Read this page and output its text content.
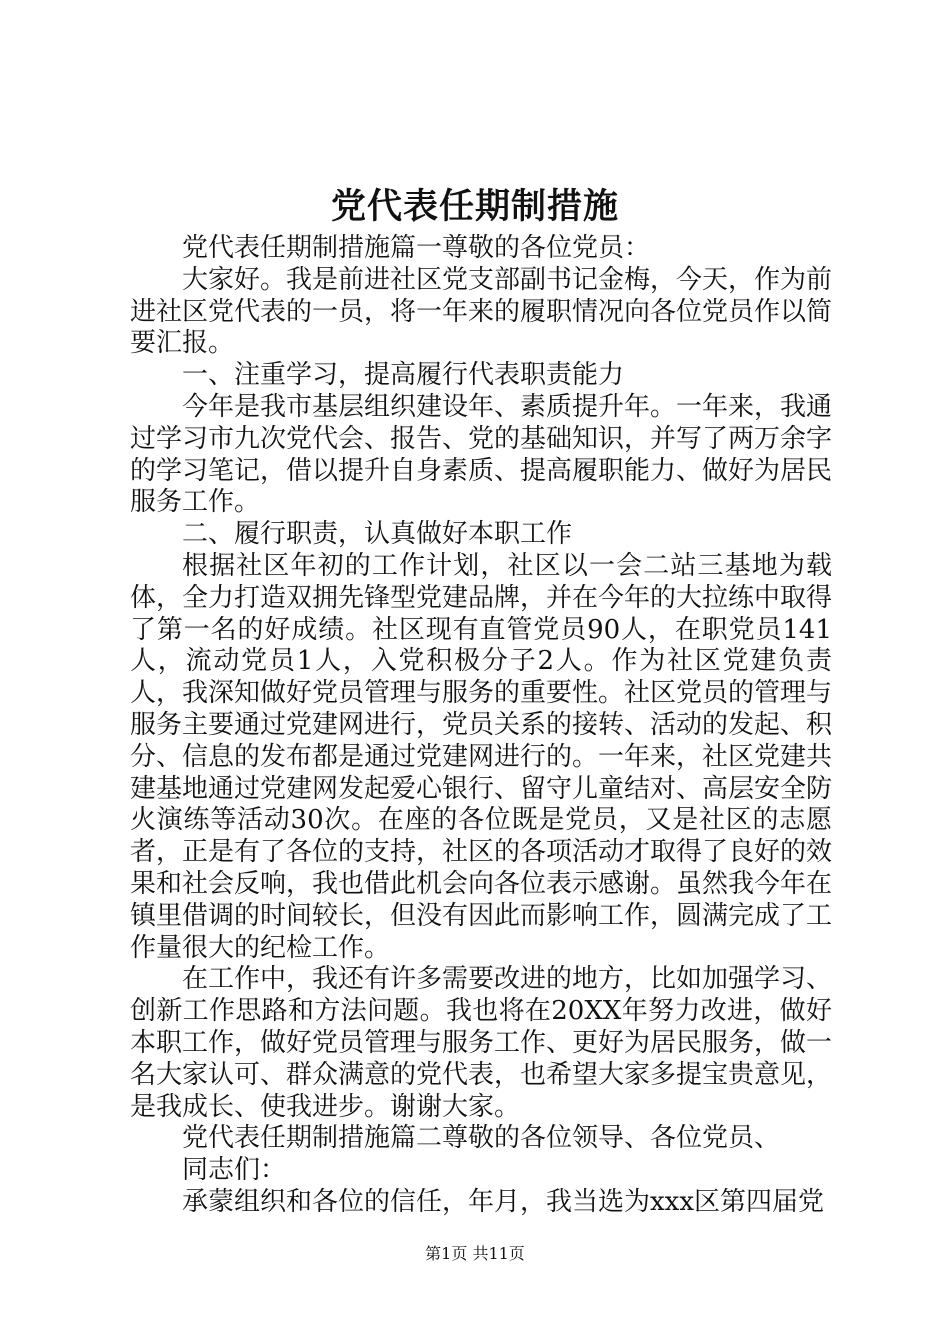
党代表任期制措施

党代表任期制措施篇一尊敬的各位党员：

大家好。我是前进社区党支部副书记金梅，今天，作为前进社区党代表的一员，将一年来的履职情况向各位党员作以简要汇报。

一、注重学习，提高履行代表职责能力

今年是我市基层组织建设年、素质提升年。一年来，我通过学习市九次党代会、报告、党的基础知识，并写了两万余字的学习笔记，借以提升自身素质、提高履职能力、做好为居民服务工作。

二、履行职责，认真做好本职工作

根据社区年初的工作计划，社区以一会二站三基地为载体，全力打造双拥先锋型党建品牌，并在今年的大拉练中取得了第一名的好成绩。社区现有直管党员90人，在职党员141人，流动党员1人，入党积极分子2人。作为社区党建负责人，我深知做好党员管理与服务的重要性。社区党员的管理与服务主要通过党建网进行，党员关系的接转、活动的发起、积分、信息的发布都是通过党建网进行的。一年来，社区党建共建基地通过党建网发起爱心银行、留守儿童结对、高层安全防火演练等活动30次。在座的各位既是党员，又是社区的志愿者，正是有了各位的支持，社区的各项活动才取得了良好的效果和社会反响，我也借此机会向各位表示感谢。虽然我今年在镇里借调的时间较长，但没有因此而影响工作，圆满完成了工作量很大的纪检工作。

在工作中，我还有许多需要改进的地方，比如加强学习、创新工作思路和方法问题。我也将在20XX年努力改进，做好本职工作，做好党员管理与服务工作、更好为居民服务，做一名大家认可、群众满意的党代表，也希望大家多提宝贵意见，是我成长、使我进步。谢谢大家。

党代表任期制措施篇二尊敬的各位领导、各位党员、

同志们：

承蒙组织和各位的信任，年月，我当选为xxx区第四届党

第1页 共11页
